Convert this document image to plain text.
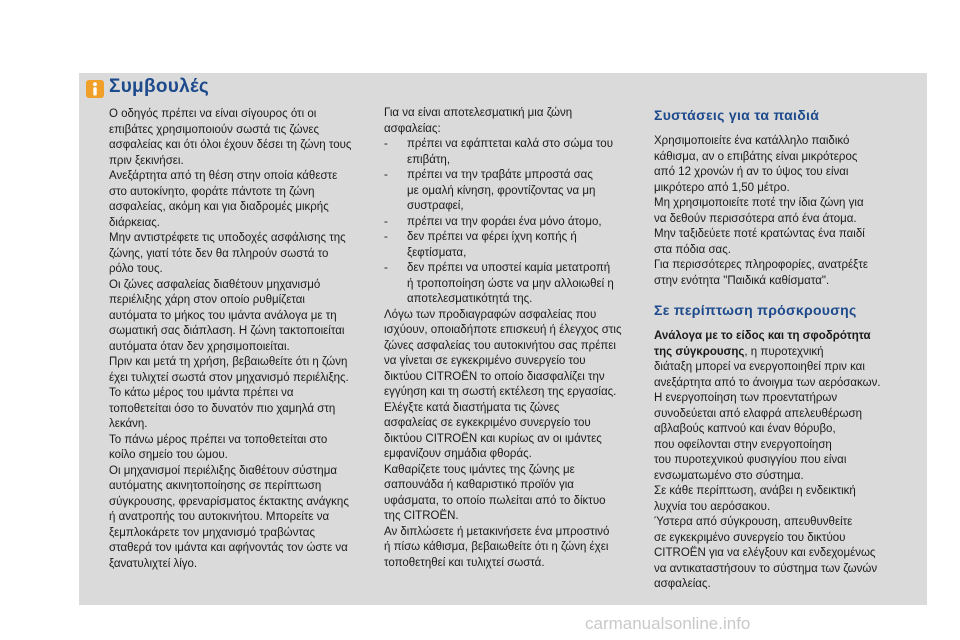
Συμβουλές

Ο οδηγός πρέπει να είναι σίγουρος ότι οι

επιβάτες χρησιμοποιούν σωστά τις ζώνες

ασφαλείας και ότι όλοι έχουν δέσει τη ζώνη τους

πριν ξεκινήσει.

Ανεξάρτητα από τη θέση στην οποία κάθεστε

στο αυτοκίνητο, φοράτε πάντοτε τη ζώνη

ασφαλείας, ακόμη και για διαδρομές μικρής

διάρκειας.

Μην αντιστρέφετε τις υποδοχές ασφάλισης της

ζώνης, γιατί τότε δεν θα πληρούν σωστά το

ρόλο τους.

Οι ζώνες ασφαλείας διαθέτουν μηχανισμό

περιέλιξης χάρη στον οποίο ρυθμίζεται

αυτόματα το μήκος του ιμάντα ανάλογα με τη

σωματική σας διάπλαση. Η ζώνη τακτοποιείται

αυτόματα όταν δεν χρησιμοποιείται.

Πριν και μετά τη χρήση, βεβαιωθείτε ότι η ζώνη

έχει τυλιχτεί σωστά στον μηχανισμό περιέλιξης.

Το κάτω μέρος του ιμάντα πρέπει να

τοποθετείται όσο το δυνατόν πιο χαμηλά στη

λεκάνη.

Το πάνω μέρος πρέπει να τοποθετείται στο

κοίλο σημείο του ώμου.

Οι μηχανισμοί περιέλιξης διαθέτουν σύστημα

αυτόματης ακινητοποίησης σε περίπτωση

σύγκρουσης, φρεναρίσματος έκτακτης ανάγκης

ή ανατροπής του αυτοκινήτου. Μπορείτε να

ξεμπλοκάρετε τον μηχανισμό τραβώντας

σταθερά τον ιμάντα και αφήνοντάς τον ώστε να

ξανατυλιχτεί λίγο.

Για να είναι αποτελεσματική μια ζώνη

ασφαλείας:

- πρέπει να εφάπτεται καλά στο σώμα του

επιβάτη,

- πρέπει να την τραβάτε μπροστά σας

με ομαλή κίνηση, φροντίζοντας να μη

συστραφεί,

- πρέπει να την φοράει ένα μόνο άτομο,

- δεν πρέπει να φέρει ίχνη κοπής ή

ξεφτίσματα,

- δεν πρέπει να υποστεί καμία μετατροπή

ή τροποποίηση ώστε να μην αλλοιωθεί η

αποτελεσματικότητά της.

Λόγω των προδιαγραφών ασφαλείας που

ισχύουν, οποιαδήποτε επισκευή ή έλεγχος στις

ζώνες ασφαλείας του αυτοκινήτου σας πρέπει

να γίνεται σε εγκεκριμένο συνεργείο του

δικτύου CITROËN το οποίο διασφαλίζει την

εγγύηση και τη σωστή εκτέλεση της εργασίας.

Ελέγξτε κατά διαστήματα τις ζώνες

ασφαλείας σε εγκεκριμένο συνεργείο του

δικτύου CITROËN και κυρίως αν οι ιμάντες

εμφανίζουν σημάδια φθοράς.

Καθαρίζετε τους ιμάντες της ζώνης με

σαπουνάδα ή καθαριστικό προϊόν για

υφάσματα, το οποίο πωλείται από το δίκτυο

της CITROËN.

Αν διπλώσετε ή μετακινήσετε ένα μπροστινό

ή πίσω κάθισμα, βεβαιωθείτε ότι η ζώνη έχει

τοποθετηθεί και τυλιχτεί σωστά.

Συστάσεις για τα παιδιά

Χρησιμοποιείτε ένα κατάλληλο παιδικό

κάθισμα, αν ο επιβάτης είναι μικρότερος

από 12 χρονών ή αν το ύψος του είναι

μικρότερο από 1,50 μέτρο.

Μη χρησιμοποιείτε ποτέ την ίδια ζώνη για

να δεθούν περισσότερα από ένα άτομα.

Μην ταξιδεύετε ποτέ κρατώντας ένα παιδί

στα πόδια σας.

Για περισσότερες πληροφορίες, ανατρέξτε

στην ενότητα "Παιδικά καθίσματα".

Σε περίπτωση πρόσκρουσης

Ανάλογα με το είδος και τη σφοδρότητα

της σύγκρουσης, η πυροτεχνική

διάταξη μπορεί να ενεργοποιηθεί πριν και

ανεξάρτητα από το άνοιγμα των αερόσακων.

Η ενεργοποίηση των προεντατήρων

συνοδεύεται από ελαφρά απελευθέρωση

αβλαβούς καπνού και έναν θόρυβο,

που οφείλονται στην ενεργοποίηση

του πυροτεχνικού φυσιγγίου που είναι

ενσωματωμένο στο σύστημα.

Σε κάθε περίπτωση, ανάβει η ενδεικτική

λυχνία του αερόσακου.

Ύστερα από σύγκρουση, απευθυνθείτε

σε εγκεκριμένο συνεργείο του δικτύου

CITROËN για να ελέγξουν και ενδεχομένως

να αντικαταστήσουν το σύστημα των ζωνών

ασφαλείας.

carmanualsonline.info
